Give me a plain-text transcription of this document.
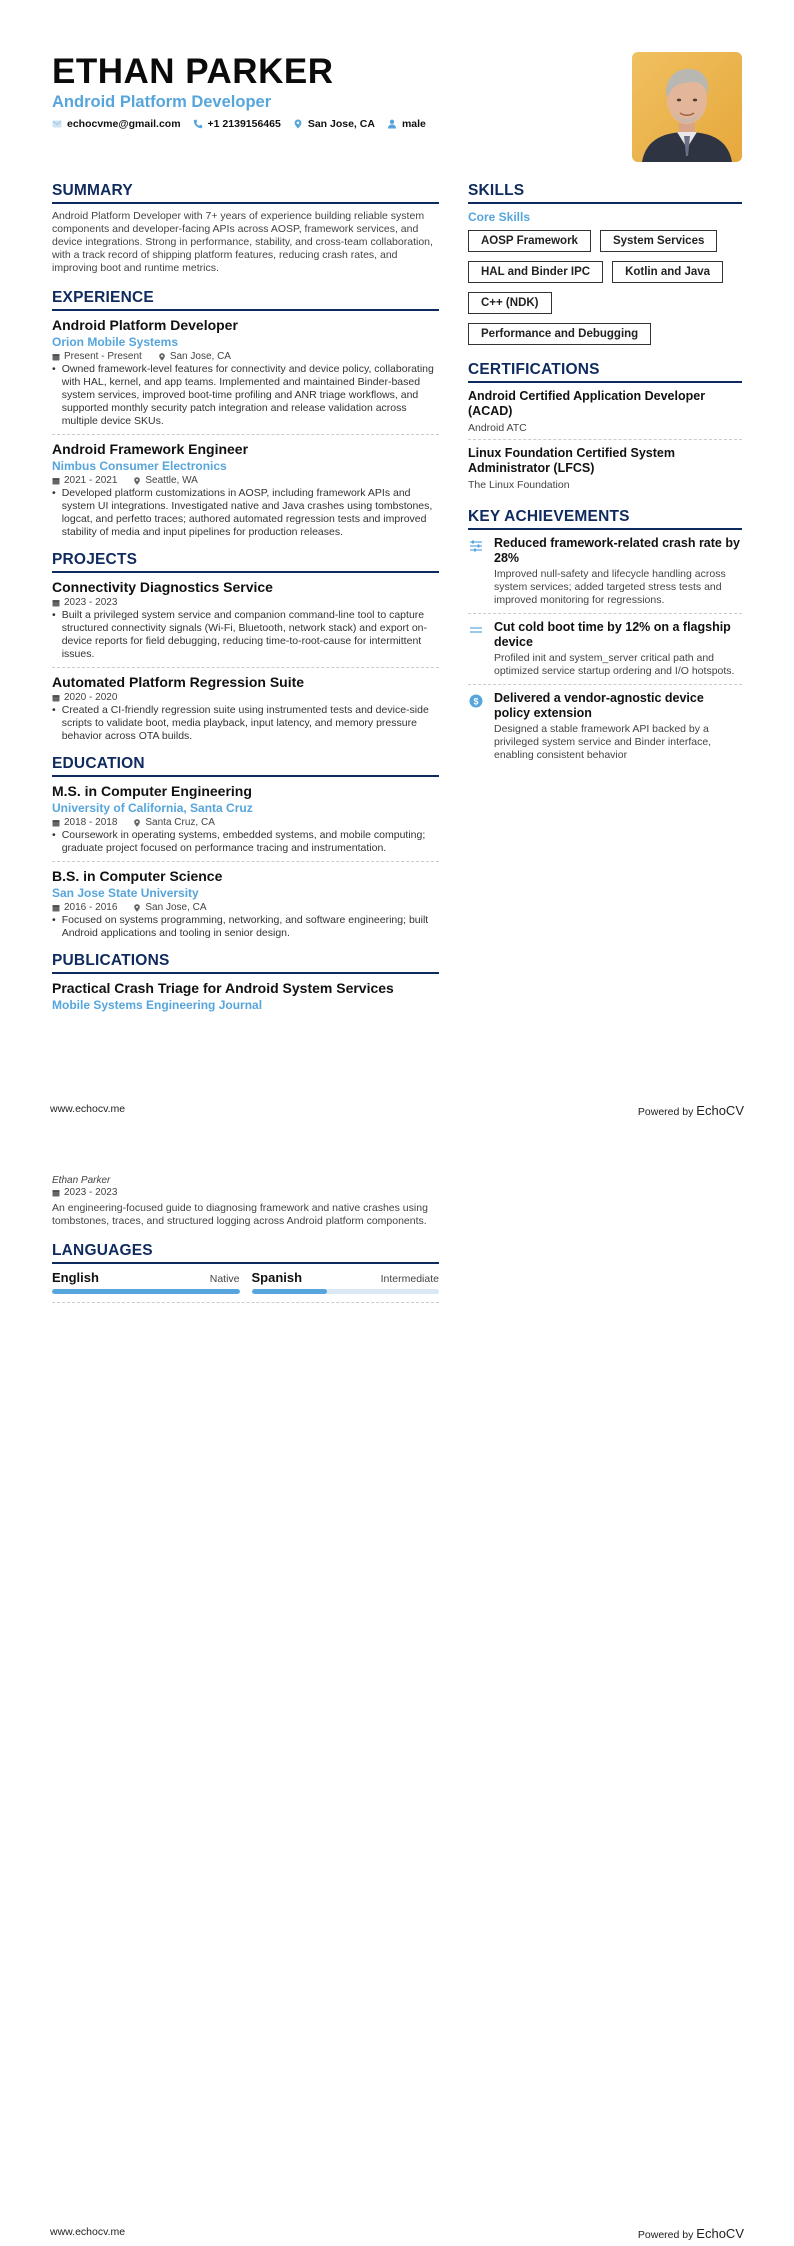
ETHAN PARKER
Android Platform Developer
echocvme@gmail.com	+1 2139156465	San Jose, CA	male
SUMMARY
Android Platform Developer with 7+ years of experience building reliable system components and developer-facing APIs across AOSP, framework services, and device integrations. Strong in performance, stability, and cross-team collaboration, with a track record of shipping platform features, reducing crash rates, and improving boot and runtime metrics.
EXPERIENCE
Android Platform Developer
Orion Mobile Systems
Present - Present	San Jose, CA
• Owned framework-level features for connectivity and device policy, collaborating with HAL, kernel, and app teams. Implemented and maintained Binder-based system services, improved boot-time profiling and ANR triage workflows, and supported monthly security patch integration and release validation across multiple device SKUs.
Android Framework Engineer
Nimbus Consumer Electronics
2021 - 2021	Seattle, WA
• Developed platform customizations in AOSP, including framework APIs and system UI integrations. Investigated native and Java crashes using tombstones, logcat, and perfetto traces; authored automated regression tests and improved stability of media and input pipelines for production releases.
PROJECTS
Connectivity Diagnostics Service
2023 - 2023
• Built a privileged system service and companion command-line tool to capture structured connectivity signals (Wi-Fi, Bluetooth, network stack) and export on-device reports for field debugging, reducing time-to-root-cause for intermittent issues.
Automated Platform Regression Suite
2020 - 2020
• Created a CI-friendly regression suite using instrumented tests and device-side scripts to validate boot, media playback, input latency, and memory pressure behavior across OTA builds.
EDUCATION
M.S. in Computer Engineering
University of California, Santa Cruz
2018 - 2018	Santa Cruz, CA
• Coursework in operating systems, embedded systems, and mobile computing; graduate project focused on performance tracing and instrumentation.
B.S. in Computer Science
San Jose State University
2016 - 2016	San Jose, CA
• Focused on systems programming, networking, and software engineering; built Android applications and tooling in senior design.
PUBLICATIONS
Practical Crash Triage for Android System Services
Mobile Systems Engineering Journal
SKILLS
Core Skills
AOSP Framework	System Services
HAL and Binder IPC	Kotlin and Java
C++ (NDK)
Performance and Debugging
CERTIFICATIONS
Android Certified Application Developer (ACAD)
Android ATC
Linux Foundation Certified System Administrator (LFCS)
The Linux Foundation
KEY ACHIEVEMENTS
Reduced framework-related crash rate by 28%
Improved null-safety and lifecycle handling across system services; added targeted stress tests and improved monitoring for regressions.
Cut cold boot time by 12% on a flagship device
Profiled init and system_server critical path and optimized service startup ordering and I/O hotspots.
$ Delivered a vendor-agnostic device policy extension
Designed a stable framework API backed by a privileged system service and Binder interface, enabling consistent behavior
www.echocv.me	Powered by EchoCV
Ethan Parker
2023 - 2023
An engineering-focused guide to diagnosing framework and native crashes using tombstones, traces, and structured logging across Android platform components.
LANGUAGES
English	Native Spanish	Intermediate
www.echocv.me	Powered by EchoCV
